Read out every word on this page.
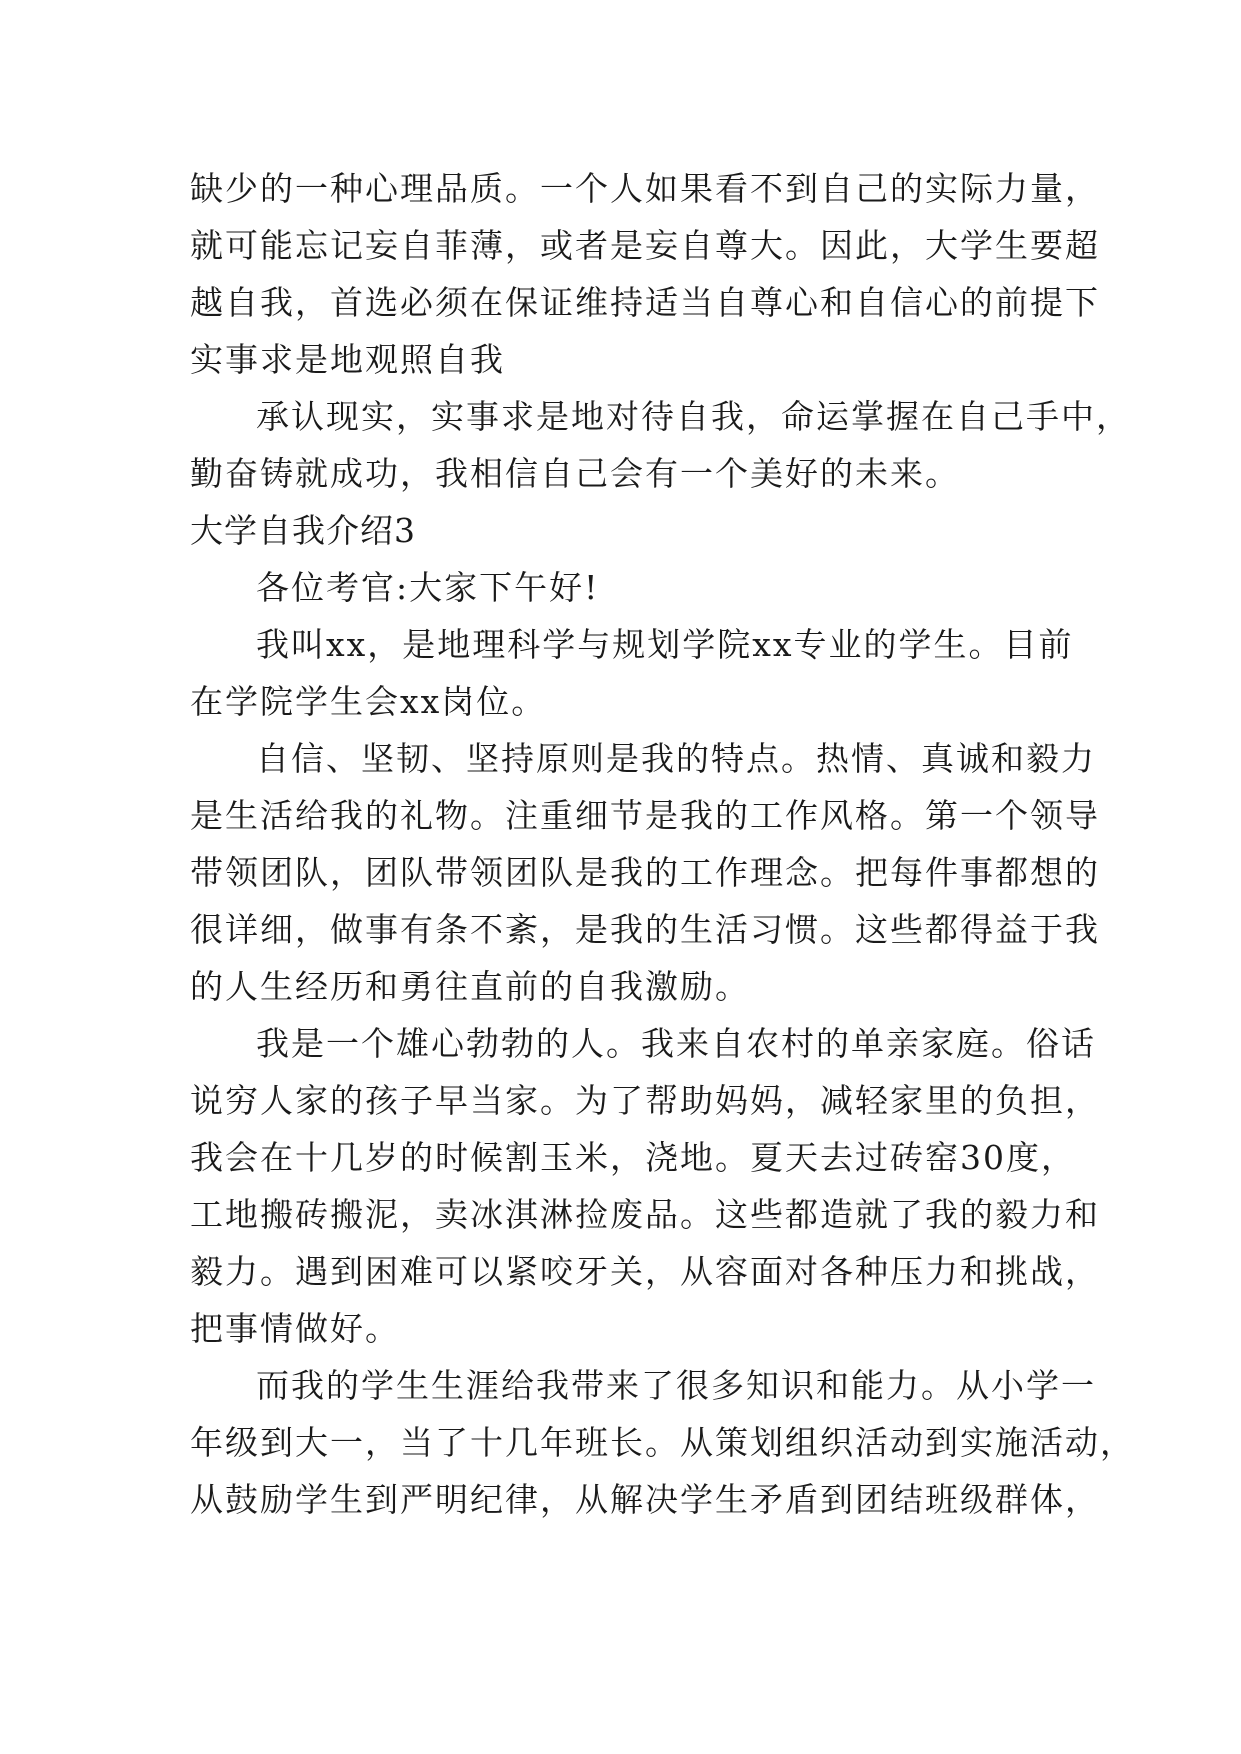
缺少的一种心理品质。一个人如果看不到自己的实际力量，
就可能忘记妄自菲薄，或者是妄自尊大。因此，大学生要超
越自我，首选必须在保证维持适当自尊心和自信心的前提下
实事求是地观照自我
承认现实，实事求是地对待自我，命运掌握在自己手中，
勤奋铸就成功，我相信自己会有一个美好的未来。
大学自我介绍3
各位考官:大家下午好!
我叫xx，是地理科学与规划学院xx专业的学生。目前
在学院学生会xx岗位。
自信、坚韧、坚持原则是我的特点。热情、真诚和毅力
是生活给我的礼物。注重细节是我的工作风格。第一个领导
带领团队，团队带领团队是我的工作理念。把每件事都想的
很详细，做事有条不紊，是我的生活习惯。这些都得益于我
的人生经历和勇往直前的自我激励。
我是一个雄心勃勃的人。我来自农村的单亲家庭。俗话
说穷人家的孩子早当家。为了帮助妈妈，减轻家里的负担，
我会在十几岁的时候割玉米，浇地。夏天去过砖窑30度，
工地搬砖搬泥，卖冰淇淋捡废品。这些都造就了我的毅力和
毅力。遇到困难可以紧咬牙关，从容面对各种压力和挑战，
把事情做好。
而我的学生生涯给我带来了很多知识和能力。从小学一
年级到大一，当了十几年班长。从策划组织活动到实施活动，
从鼓励学生到严明纪律，从解决学生矛盾到团结班级群体，
